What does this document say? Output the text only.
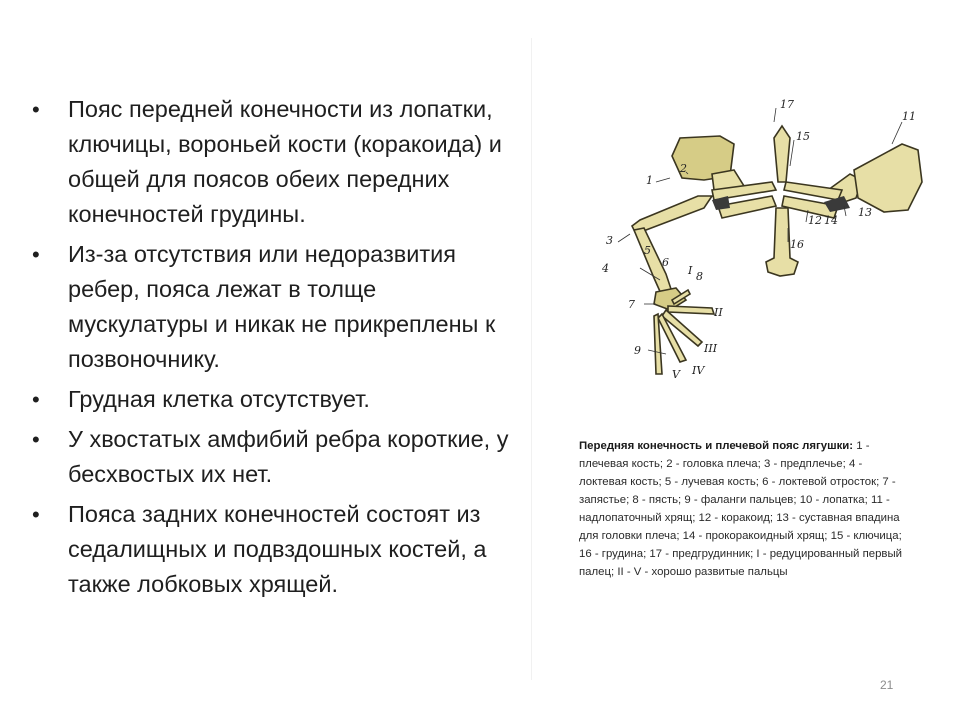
• Пояс передней конечности из лопатки, ключицы, вороньей кости (коракоида) и общей для поясов обеих передних конечностей грудины.
• Из-за отсутствия или недоразвития ребер, пояса лежат в толще мускулатуры и никак не прикреплены к позвоночнику.
• Грудная клетка отсутствует.
• У хвостатых амфибий ребра короткие, у бесхвостых их нет.
• Пояса задних конечностей состоят из седалищных и подвздошных костей, а также лобковых хрящей.
17
15
11
1
2
13
12 14
16
3
4
5
6
I
7
8
II
9	III
V IV
Передняя конечность и плечевой пояс лягушки: 1 - плечевая кость; 2 - головка плеча; 3 - предплечье; 4 - локтевая кость; 5 - лучевая кость; 6 - локтевой отросток; 7 - запястье; 8 - пясть; 9 - фаланги пальцев; 10 - лопатка; 11 - надлопаточный хрящ; 12 - коракоид; 13 - суставная впадина для головки плеча; 14 - прокоракоидный хрящ; 15 - ключица; 16 - грудина; 17 - предгрудинник; I - редуцированный первый палец; II - V - хорошо развитые пальцы
21
